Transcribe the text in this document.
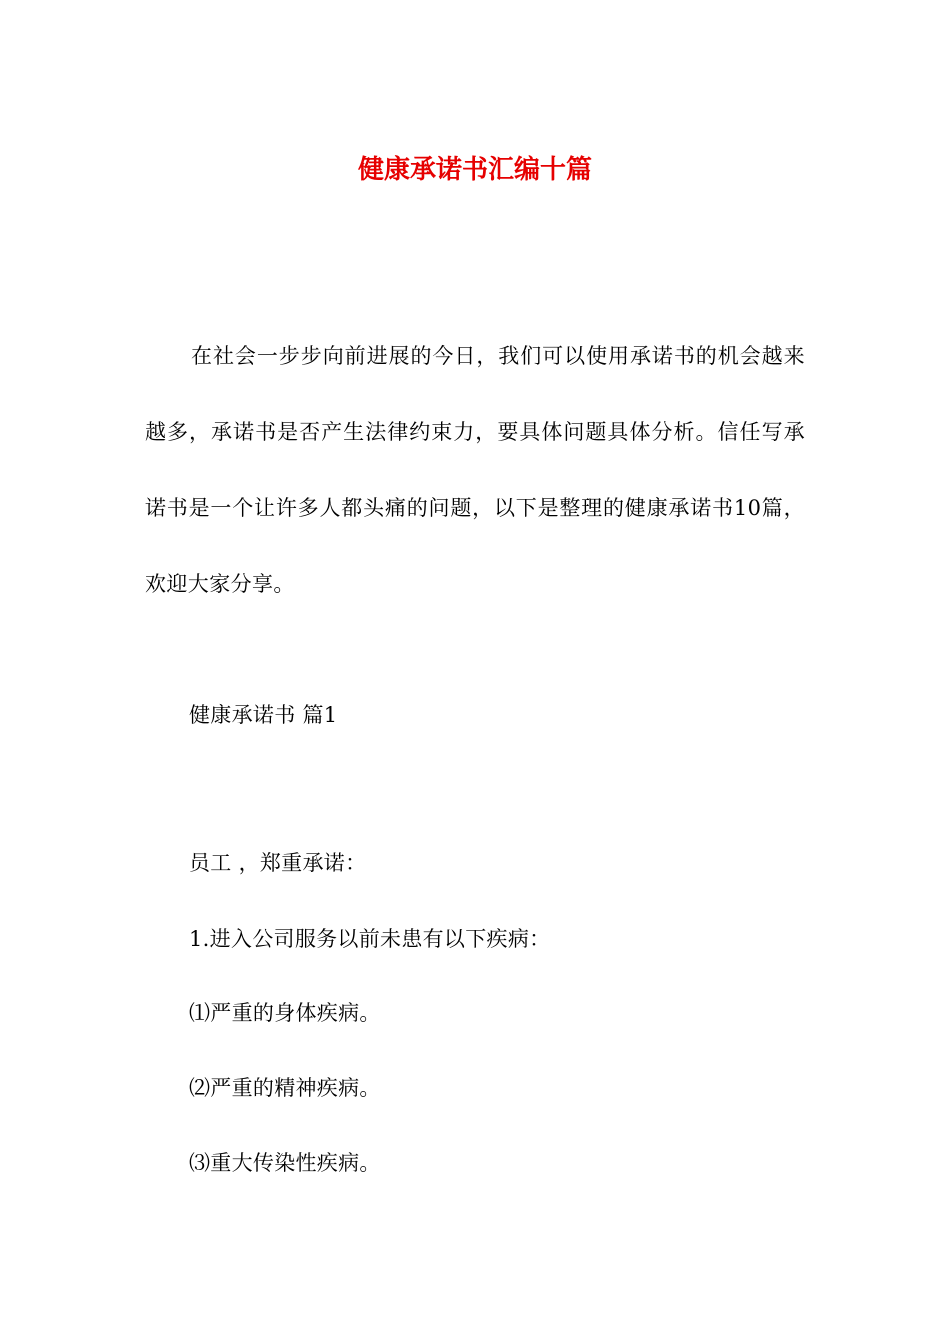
健康承诺书汇编十篇

在社会一步步向前进展的今日，我们可以使用承诺书的机会越来越多，承诺书是否产生法律约束力，要具体问题具体分析。信任写承诺书是一个让许多人都头痛的问题，以下是整理的健康承诺书10篇，欢迎大家分享。

健康承诺书 篇1

员工 ，郑重承诺：

1.进入公司服务以前未患有以下疾病：

⑴严重的身体疾病。

⑵严重的精神疾病。

⑶重大传染性疾病。
